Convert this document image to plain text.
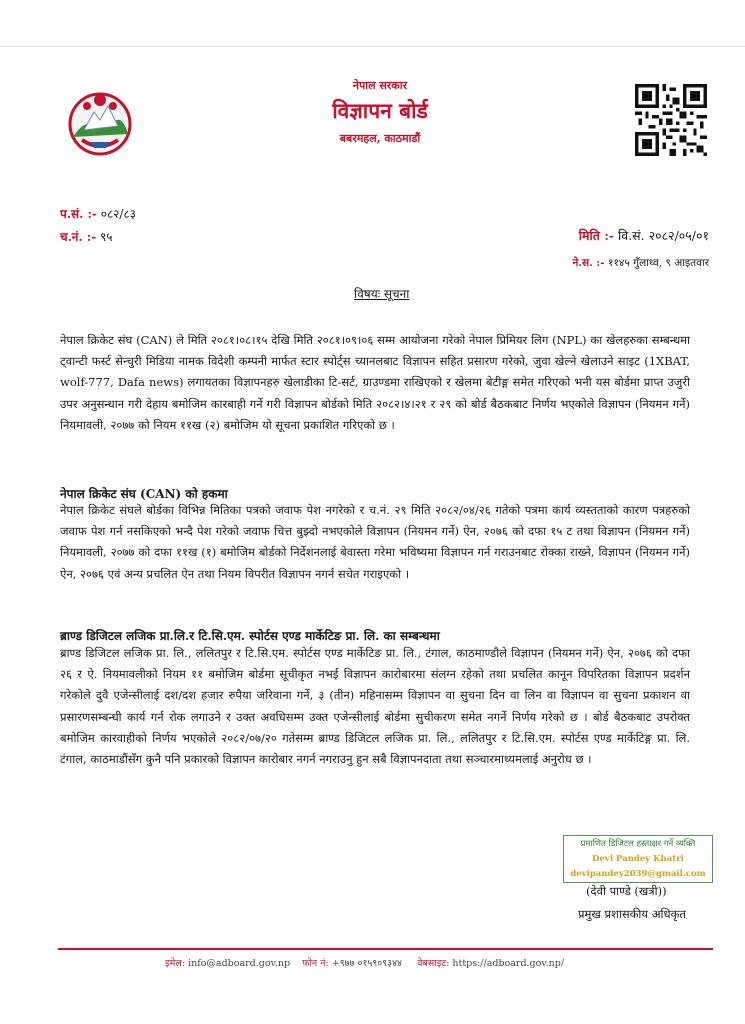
नेपाल सरकार
विज्ञापन बोर्ड
बबरमहल, काठमाडौं
प.सं. :- ०८२/८३
च.नं. :- ९५	मिति :- वि.सं. २०८२/०५/०१
ने.स. :- ११४५ गुँलाथ्व, ९ आइतवार
विषयः सूचना

नेपाल क्रिकेट संघ (CAN) ले मिति २०८१।०८।१५ देखि मिति २०८१।०९।०६ सम्म आयोजना गरेको नेपाल प्रिमियर लिग (NPL) का खेलहरुका सम्बन्धमा ट्वान्टी फर्स्ट सेन्चुरी मिडिया नामक विदेशी कम्पनी मार्फत स्टार स्पोर्ट्स च्यानलबाट विज्ञापन सहित प्रसारण गरेको, जुवा खेल्ने खेलाउने साइट (1XBAT, wolf-777, Dafa news) लगायतका विज्ञापनहरु खेलाडीका टि-सर्ट, ग्राउण्डमा राखिएको र खेलमा बेटीङ्ग समेत गरिएको भनी यस बोर्डमा प्राप्त उजुरी उपर अनुसन्धान गरी देहाय बमोजिम कारबाही गर्ने गरी विज्ञापन बोर्डको मिति २०८२।४।२१ र २९ को बोर्ड बैठकबाट निर्णय भएकोले विज्ञापन (नियमन गर्ने) नियमावली, २०७७ को नियम ११ख (२) बमोजिम यो सूचना प्रकाशित गरिएको छ ।

नेपाल क्रिकेट संघ (CAN) को हकमा

नेपाल क्रिकेट संघले बोर्डका विभिन्न मितिका पत्रको जवाफ पेश नगरेको र च.नं. २९ मिति २०८२/०४/२६ गतेको पत्रमा कार्य व्यस्तताको कारण पत्रहरुको जवाफ पेश गर्न नसकिएको भन्दै पेश गरेको जवाफ चित्त बुझ्दो नभएकोले विज्ञापन (नियमन गर्ने) ऐन, २०७६ को दफा १५ ट तथा विज्ञापन (नियमन गर्ने) नियमावली, २०७७ को दफा ११ख (१) बमोजिम बोर्डको निर्देशनलाई बेवास्ता गरेमा भविष्यमा विज्ञापन गर्न गराउनबाट रोक्का राख्ने, विज्ञापन (नियमन गर्ने) ऐन, २०७६ एवं अन्य प्रचलित ऐन तथा नियम विपरीत विज्ञापन नगर्न सचेत गराइएको ।

ब्राण्ड डिजिटल लजिक प्रा.लि.र टि.सि.एम. स्पोर्टस एण्ड मार्केटिङ प्रा. लि. का सम्बन्धमा

ब्राण्ड डिजिटल लजिक प्रा. लि., ललितपुर र टि.सि.एम. स्पोर्टस एण्ड मार्केटिङ प्रा. लि., टंगाल, काठमाण्डौले विज्ञापन (नियमन गर्ने) ऐन, २०७६ को दफा २६ र ऐ. नियमावलीको नियम ११ बमोजिम बोर्डमा सूचीकृत नभई विज्ञापन कारोबारमा संलग्न रहेको तथा प्रचलित कानून विपरितका विज्ञापन प्रदर्शन गरेकोले दुवै एजेन्सीलाई दश/दश हजार रुपैया जरिवाना गर्ने, ३ (तीन) महिनासम्म विज्ञापन वा सुचना दिन वा लिन वा विज्ञापन वा सुचना प्रकाशन वा प्रसारणसम्बन्धी कार्य गर्न रोक लगाउने र उक्त अवधिसम्म उक्त एजेन्सीलाई बोर्डमा सुचीकरण समेत नगर्ने निर्णय गरेको छ । बोर्ड बैठकबाट उपरोक्त बमोजिम कारवाहीको निर्णय भएकोले २०८२/०७/२० गतेसम्म ब्राण्ड डिजिटल लजिक प्रा. लि., ललितपुर र टि.सि.एम. स्पोर्टस एण्ड मार्केटिङ्ग प्रा. लि. टंगाल, काठमाडौंसँग कुनै पनि प्रकारको विज्ञापन कारोबार नगर्न नगराउनु हुन सबै विज्ञापनदाता तथा सञ्चारमाध्यमलाई अनुरोध छ ।

प्रमाणित डिजिटल हस्ताक्षर गर्ने व्यक्ति
Devi Pandey Khatri
devipandey2039@gmail.com
(देवी पाण्डे (खत्री))
प्रमुख प्रशासकीय अधिकृत
इमेल: info@adboard.gov.np फोन नं: +९७७ ०१५९०९३४४ वेबसाइट: https://adboard.gov.np/
